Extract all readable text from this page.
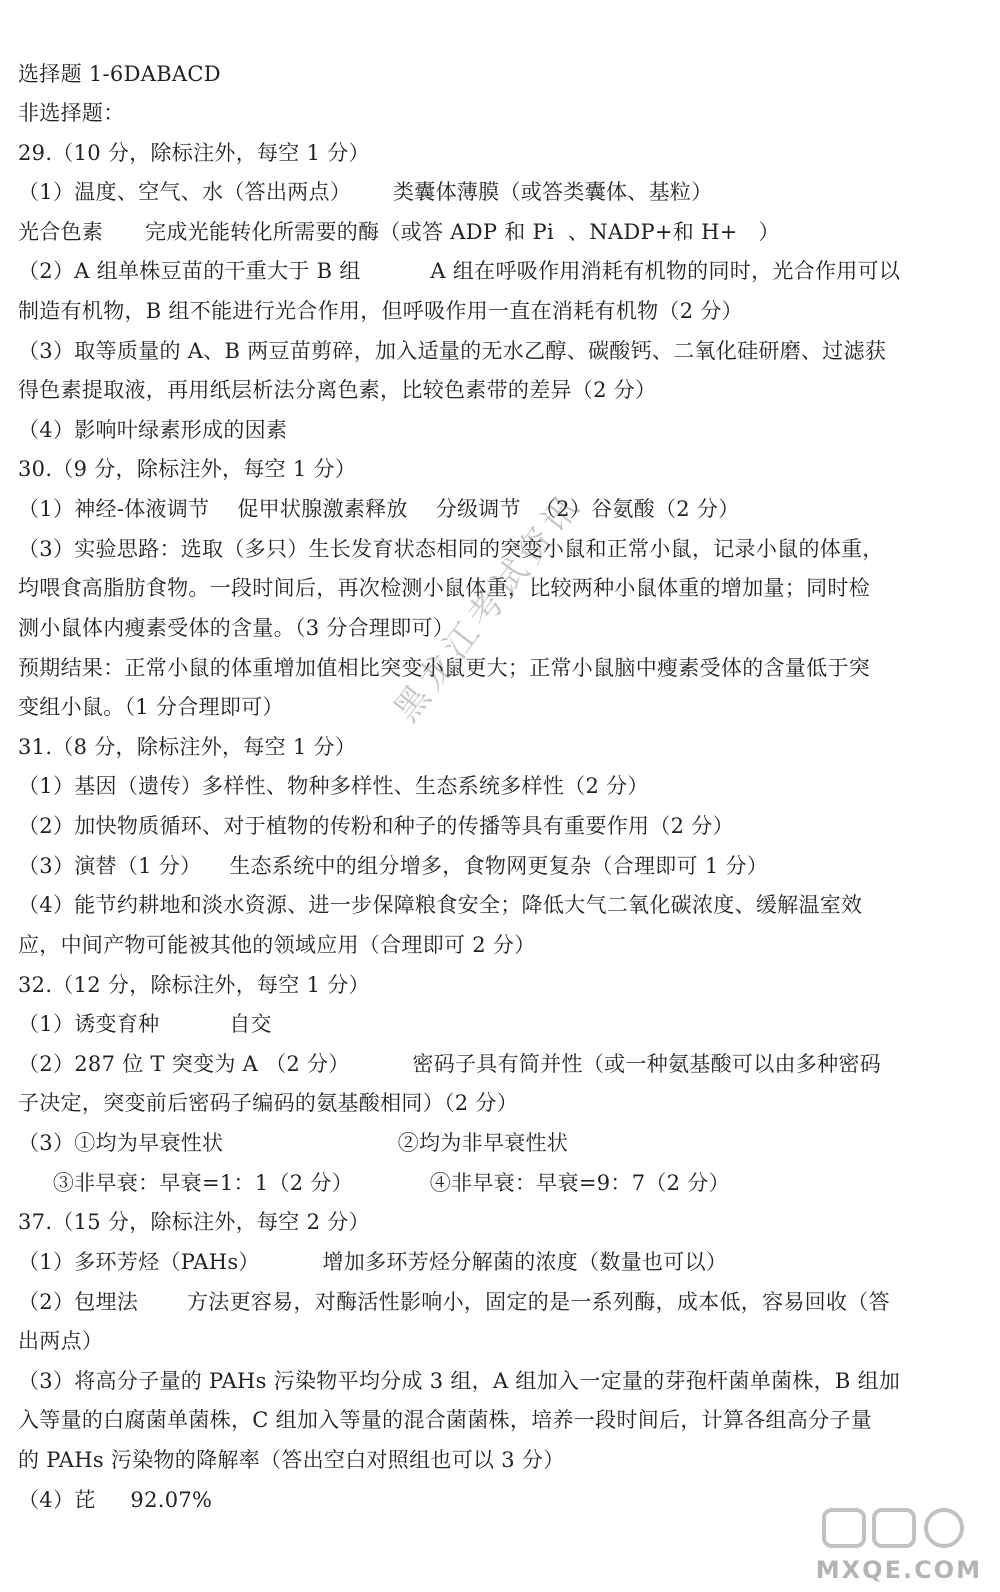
选择题 1-6DABACD
非选择题：
29.（10 分，除标注外，每空 1 分）
（1）温度、空气、水（答出两点）      类囊体薄膜（或答类囊体、基粒）
光合色素      完成光能转化所需要的酶（或答 ADP 和 Pi  、NADP+和 H+   ）
（2）A 组单株豆苗的干重大于 B 组          A 组在呼吸作用消耗有机物的同时，光合作用可以
制造有机物，B 组不能进行光合作用，但呼吸作用一直在消耗有机物（2 分）
（3）取等质量的 A、B 两豆苗剪碎，加入适量的无水乙醇、碳酸钙、二氧化硅研磨、过滤获
得色素提取液，再用纸层析法分离色素，比较色素带的差异（2 分）
（4）影响叶绿素形成的因素
30.（9 分，除标注外，每空 1 分）
（1）神经-体液调节    促甲状腺激素释放    分级调节  （2）谷氨酸（2 分）
（3）实验思路：选取（多只）生长发育状态相同的突变小鼠和正常小鼠，记录小鼠的体重，
均喂食高脂肪食物。一段时间后，再次检测小鼠体重，比较两种小鼠体重的增加量；同时检
测小鼠体内瘦素受体的含量。（3 分合理即可）
预期结果：正常小鼠的体重增加值相比突变小鼠更大；正常小鼠脑中瘦素受体的含量低于突
变组小鼠。（1 分合理即可）
31.（8 分，除标注外，每空 1 分）
（1）基因（遗传）多样性、物种多样性、生态系统多样性（2 分）
（2）加快物质循环、对于植物的传粉和种子的传播等具有重要作用（2 分）
（3）演替（1 分）    生态系统中的组分增多，食物网更复杂（合理即可 1 分）
（4）能节约耕地和淡水资源、进一步保障粮食安全；降低大气二氧化碳浓度、缓解温室效
应，中间产物可能被其他的领域应用（合理即可 2 分）
32.（12 分，除标注外，每空 1 分）
（1）诱变育种          自交
（2）287 位 T 突变为 A （2 分）         密码子具有简并性（或一种氨基酸可以由多种密码
子决定，突变前后密码子编码的氨基酸相同）（2 分）
（3）①均为早衰性状                         ②均为非早衰性状
③非早衰：早衰=1：1（2 分）           ④非早衰：早衰=9：7（2 分）
37.（15 分，除标注外，每空 2 分）
（1）多环芳烃（PAHs）         增加多环芳烃分解菌的浓度（数量也可以）
（2）包埋法       方法更容易，对酶活性影响小，固定的是一系列酶，成本低，容易回收（答
出两点）
（3）将高分子量的 PAHs 污染物平均分成 3 组，A 组加入一定量的芽孢杆菌单菌株，B 组加
入等量的白腐菌单菌株，C 组加入等量的混合菌菌株，培养一段时间后，计算各组高分子量
的 PAHs 污染物的降解率（答出空白对照组也可以 3 分）
（4）芘     92.07%
黑龙江考试资讯
MXQE.COM
